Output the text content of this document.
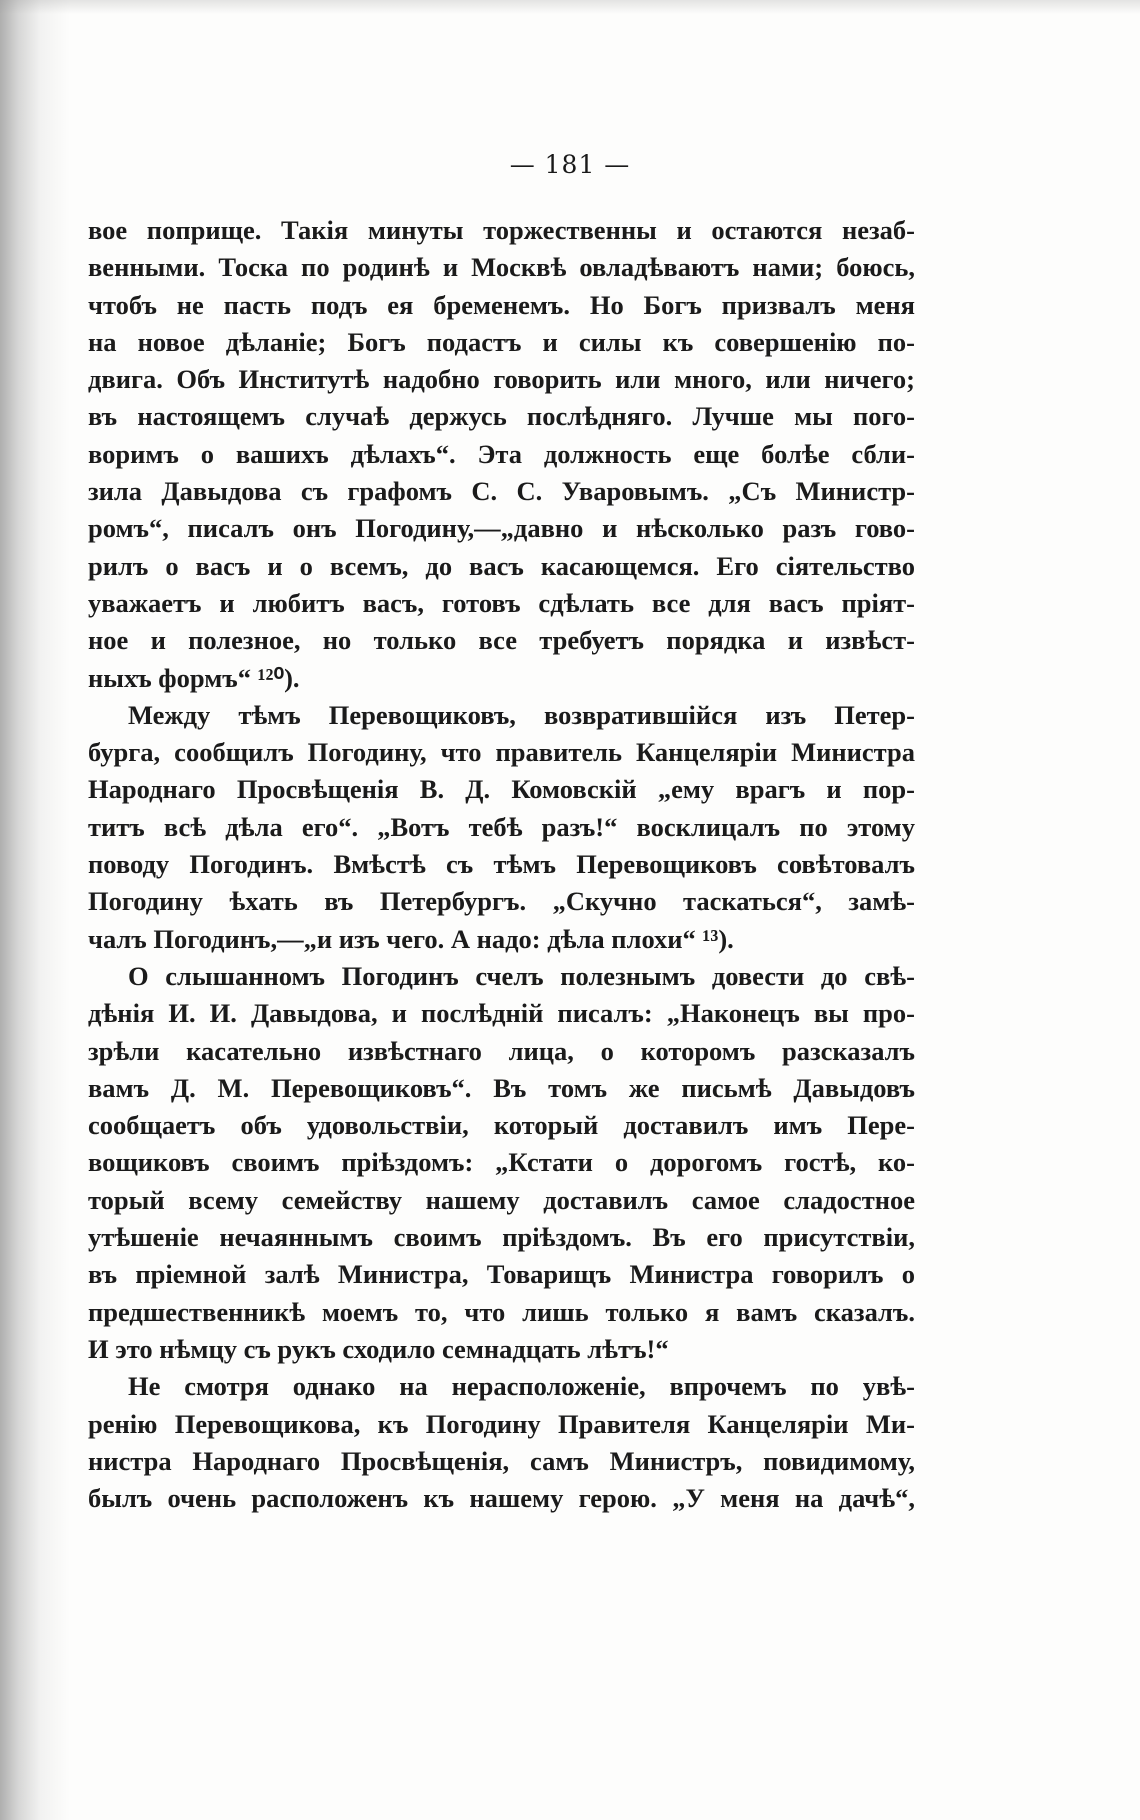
— 181 —
вое поприще. Такія минуты торжественны и остаются незаб-
венными. Тоска по родинѣ и Москвѣ овладѣваютъ нами; боюсь,
чтобъ не пасть подъ ея бременемъ. Но Богъ призвалъ меня
на новое дѣланіе; Богъ подастъ и силы къ совершенію по-
двига. Объ Институтѣ надобно говорить или много, или ничего;
въ настоящемъ случаѣ держусь послѣдняго. Лучше мы пого-
воримъ о вашихъ дѣлахъ“. Эта должность еще болѣе сбли-
зила Давыдова съ графомъ С. С. Уваровымъ. „Съ Министр-
ромъ“, писалъ онъ Погодину,—„давно и нѣсколько разъ гово-
рилъ о васъ и о всемъ, до васъ касающемся. Его сіятельство
уважаетъ и любитъ васъ, готовъ сдѣлать все для васъ пріят-
ное и полезное, но только все требуетъ порядка и извѣст-
ныхъ формъ“ ¹²⁰).
Между тѣмъ Перевощиковъ, возвратившійся изъ Петер-
бурга, сообщилъ Погодину, что правитель Канцеляріи Министра
Народнаго Просвѣщенія В. Д. Комовскій „ему врагъ и пор-
титъ всѣ дѣла его“. „Вотъ тебѣ разъ!“ восклицалъ по этому
поводу Погодинъ. Вмѣстѣ съ тѣмъ Перевощиковъ совѣтовалъ
Погодину ѣхать въ Петербургъ. „Скучно таскаться“, замѣ-
чалъ Погодинъ,—„и изъ чего. А надо: дѣла плохи“ ¹³).
О слышанномъ Погодинъ счелъ полезнымъ довести до свѣ-
дѣнія И. И. Давыдова, и послѣдній писалъ: „Наконецъ вы про-
зрѣли касательно извѣстнаго лица, о которомъ разсказалъ
вамъ Д. М. Перевощиковъ“. Въ томъ же письмѣ Давыдовъ
сообщаетъ объ удовольствіи, который доставилъ имъ Пере-
вощиковъ своимъ пріѣздомъ: „Кстати о дорогомъ гостѣ, ко-
торый всему семейству нашему доставилъ самое сладостное
утѣшеніе нечаяннымъ своимъ пріѣздомъ. Въ его присутствіи,
въ пріемной залѣ Министра, Товарищъ Министра говорилъ о
предшественникѣ моемъ то, что лишь только я вамъ сказалъ.
И это нѣмцу съ рукъ сходило семнадцать лѣтъ!“
Не смотря однако на нерасположеніе, впрочемъ по увѣ-
ренію Перевощикова, къ Погодину Правителя Канцеляріи Ми-
нистра Народнаго Просвѣщенія, самъ Министръ, повидимому,
былъ очень расположенъ къ нашему герою. „У меня на дачѣ“,
